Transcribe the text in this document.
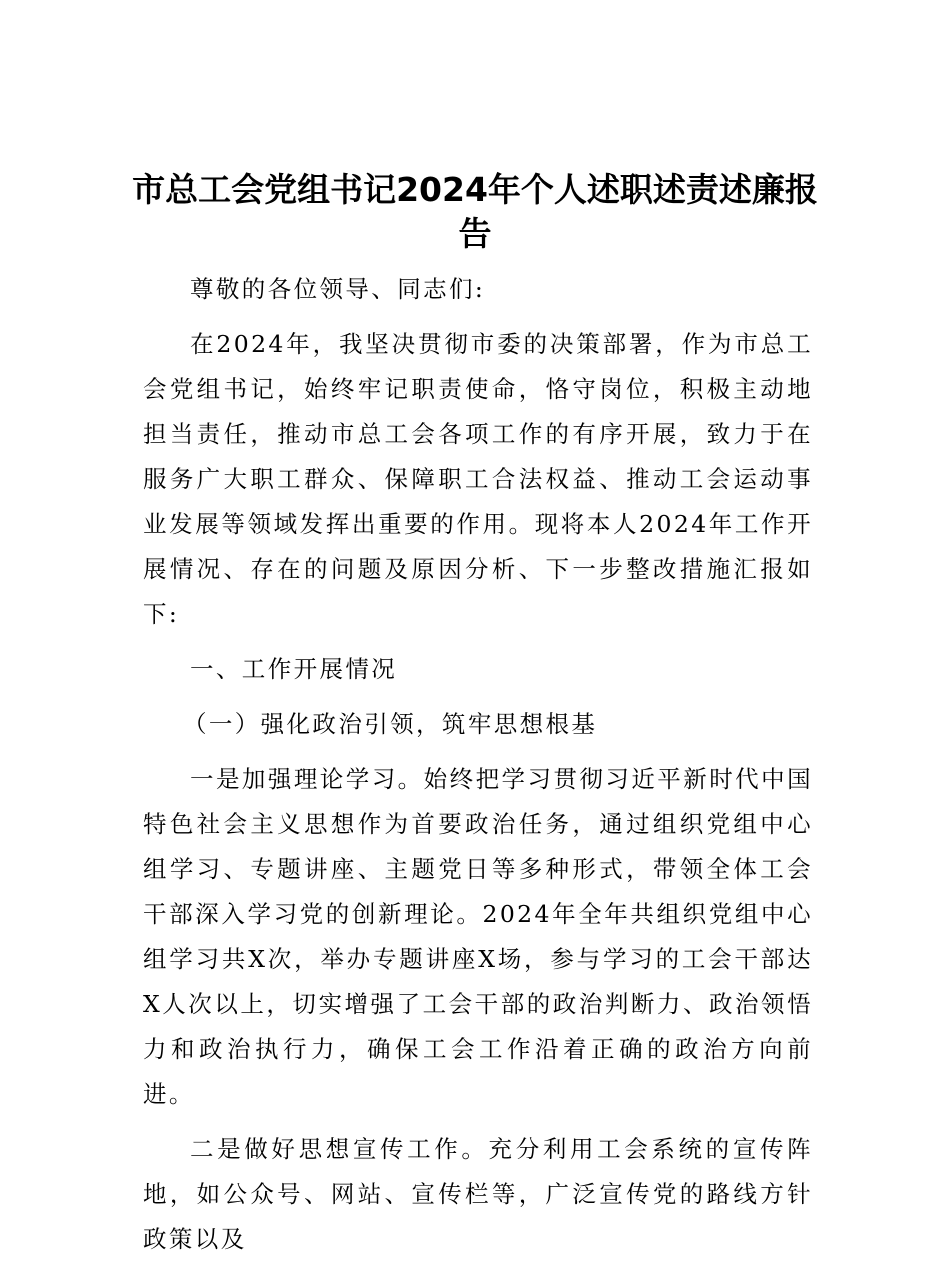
市总工会党组书记2024年个人述职述责述廉报告

尊敬的各位领导、同志们:

在2024年，我坚决贯彻市委的决策部署，作为市总工会党组书记，始终牢记职责使命，恪守岗位，积极主动地担当责任，推动市总工会各项工作的有序开展，致力于在服务广大职工群众、保障职工合法权益、推动工会运动事业发展等领域发挥出重要的作用。现将本人2024年工作开展情况、存在的问题及原因分析、下一步整改措施汇报如下:

一、工作开展情况

（一）强化政治引领，筑牢思想根基

一是加强理论学习。始终把学习贯彻习近平新时代中国特色社会主义思想作为首要政治任务，通过组织党组中心组学习、专题讲座、主题党日等多种形式，带领全体工会干部深入学习党的创新理论。2024年全年共组织党组中心组学习共X次，举办专题讲座X场，参与学习的工会干部达X人次以上，切实增强了工会干部的政治判断力、政治领悟力和政治执行力，确保工会工作沿着正确的政治方向前进。

二是做好思想宣传工作。充分利用工会系统的宣传阵地，如公众号、网站、宣传栏等，广泛宣传党的路线方针政策以及
